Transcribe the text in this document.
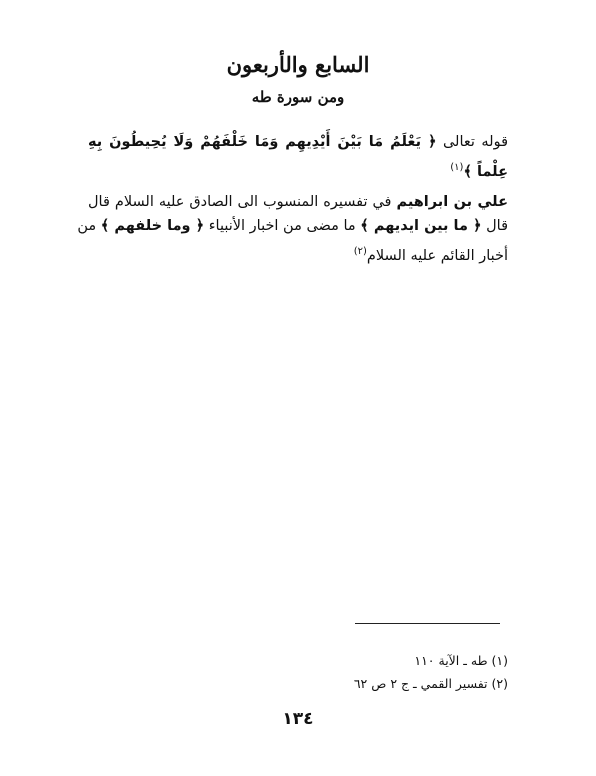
السابع والأربعون
ومن سورة طه
قوله تعالى ﴿ يَعْلَمُ مَا بَيْنَ أَيْدِيهِم وَمَا خَلْفَهُمْ وَلَا يُحِيطُونَ بِهِ
عِلْماً ﴾$^{(١)}$
علي بن ابراهيم في تفسيره المنسوب الى الصادق عليه السلام قال
قال ﴿ ما بين ايديهم ﴾ ما مضى من اخبار الأنبياء ﴿ وما خلفهم ﴾ من
أخبار القائم عليه السلام$^{(٢)}$
(١) طه ـ الآية ١١٠
(٢) تفسير القمي ـ ج ٢ ص ٦٢
١٣٤
